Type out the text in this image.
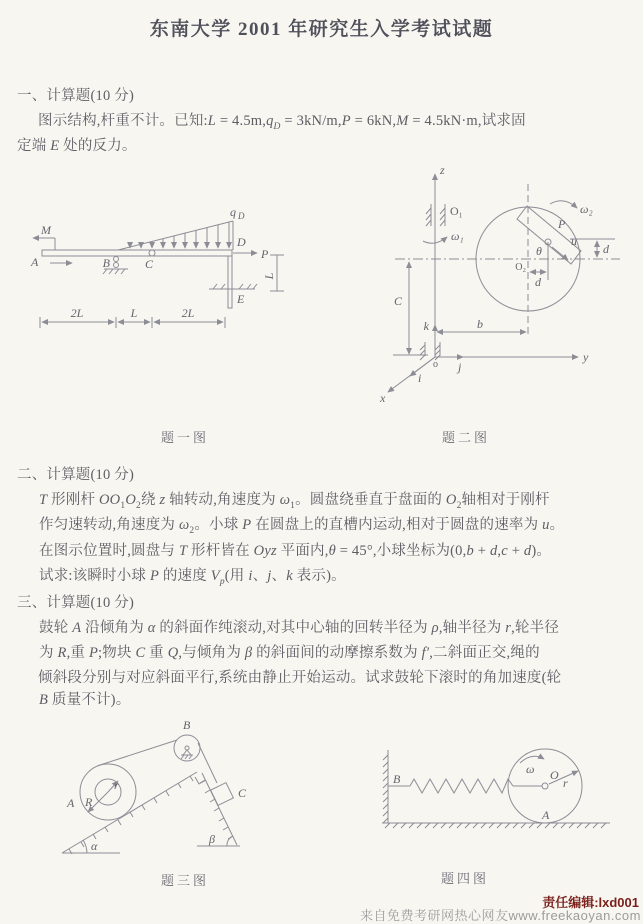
东南大学 2001 年研究生入学考试试题
一、计算题(10 分)
图示结构,杆重不计。已知:L = $4.5m,q_D = 3kN/m,P = 6kN,M = 4.5kN\cdot m$,试求固
定端 E 处的反力。
M
A	B	C
q D
D
P
E
L
2L	L	2L
题一图
z
O₁
ω₁
C
ω₂
P
u
θ
O₂
d
d
b
k
o
y
j
x
i
题二图
二、计算题(10 分)
T 形刚杆 $OO_1O_2$绕 z 轴转动,角速度为 $\omega_1$。圆盘绕垂直于盘面的 $O_2$轴相对于刚杆
作匀速转动,角速度为 $\omega_2$。小球 P 在圆盘上的直槽内运动,相对于圆盘的速率为 u。
在图示位置时,圆盘与 T 形杆皆在 Oyz 平面内,θ = 45°,小球坐标为(0,b + d,c + d)。
试求:该瞬时小球 P 的速度 $V_p$(用 i、j、k 表示)。
三、计算题(10 分)
鼓轮 A 沿倾角为 α 的斜面作纯滚动,对其中心轴的回转半径为 ρ,轴半径为 r,轮半径
为 R,重 P;物块 C 重 Q,与倾角为 β 的斜面间的动摩擦系数为 f′,二斜面正交,绳的
倾斜段分别与对应斜面平行,系统由静止开始运动。试求鼓轮下滚时的角加速度(轮
B 质量不计)。
α
A R
r
B
β
C
题三图
B	O
r
ω
A
题四图
责任编辑:lxd001
来自免费考研网热心网友www.freekaoyan.com
